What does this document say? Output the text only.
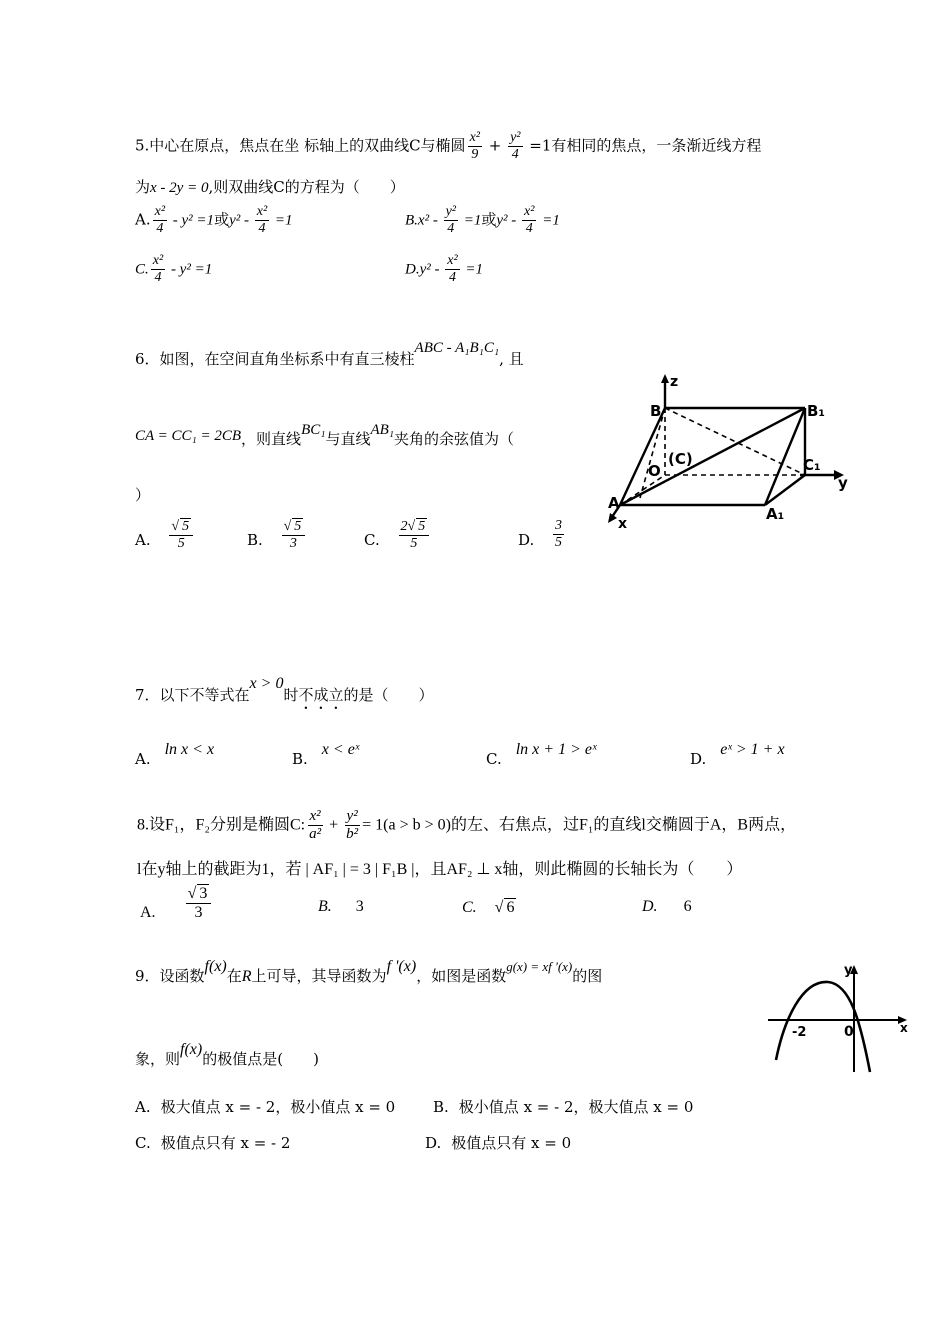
5.中心在原点，焦点在坐 标轴上的双曲线C与椭圆 $\frac{\text{x²}}{9} + \frac{\text{y²}}{4} =1$有相同的焦点，一条渐近线方程
为x - 2y = 0,则双曲线C的方程为（　　）
A. $\frac{\text{x²}}{4} - y^2 =1$或$y^2 - \frac{\text{x²}}{4} =1$	$B.x^2 - \frac{\text{y²}}{4} =1$或$y^2 - \frac{\text{x²}}{4} =1$
C. $\frac{\text{x²}}{4} - y^2 =1$	$D.y^2 - \frac{\text{x²}}{4} =1$
6．如图，在空间直角坐标系中有直三棱柱ABC - A₁B₁C₁, 且
CA = CC₁ = 2CB，则直线BC₁与直线AB₁夹角的余弦值为（
）
A. √ $\frac{5}{5}$	B. √ $\frac{5}{3}$	C. $\frac{2 √ 5}{5}$	D. $\frac{3}{5}$
z
B	B₁
O
(C)	C₁
y
A
A₁
x
7．以下不等式在x > 0时不成立的是（　　）
A.ln x < x
B.x < eˣ
C.ln x + 1 > eˣ
D.eˣ > 1 + x
8.设F₁，F₂分别是椭圆C: $\frac{\text{x²}}{\text{a²}} + \frac{\text{y²}}{\text{b²}} = 1(a > b > 0)$的左、右焦点，过F₁的直线l交椭圆于A，B两点，
l在y轴上的截距为1，若 | AF₁ | = 3 | F₁B |，且AF₂ ⊥ x轴，则此椭圆的长轴长为（　　）
A. √ $\frac{3}{3}$	B. 3	C. √ 6	D. 6
9．设函数f(x)在R上可导，其导函数为f '(x)，如图是函数g(x) = xf '(x)的图
象，则f(x)的极值点是(　　)
A. 极大值点 x = - 2，极小值点 x = 0	B. 极小值点 x = - 2，极大值点 x = 0
C. 极值点只有 x = - 2	D. 极值点只有 x = 0
y
x
-2	0
